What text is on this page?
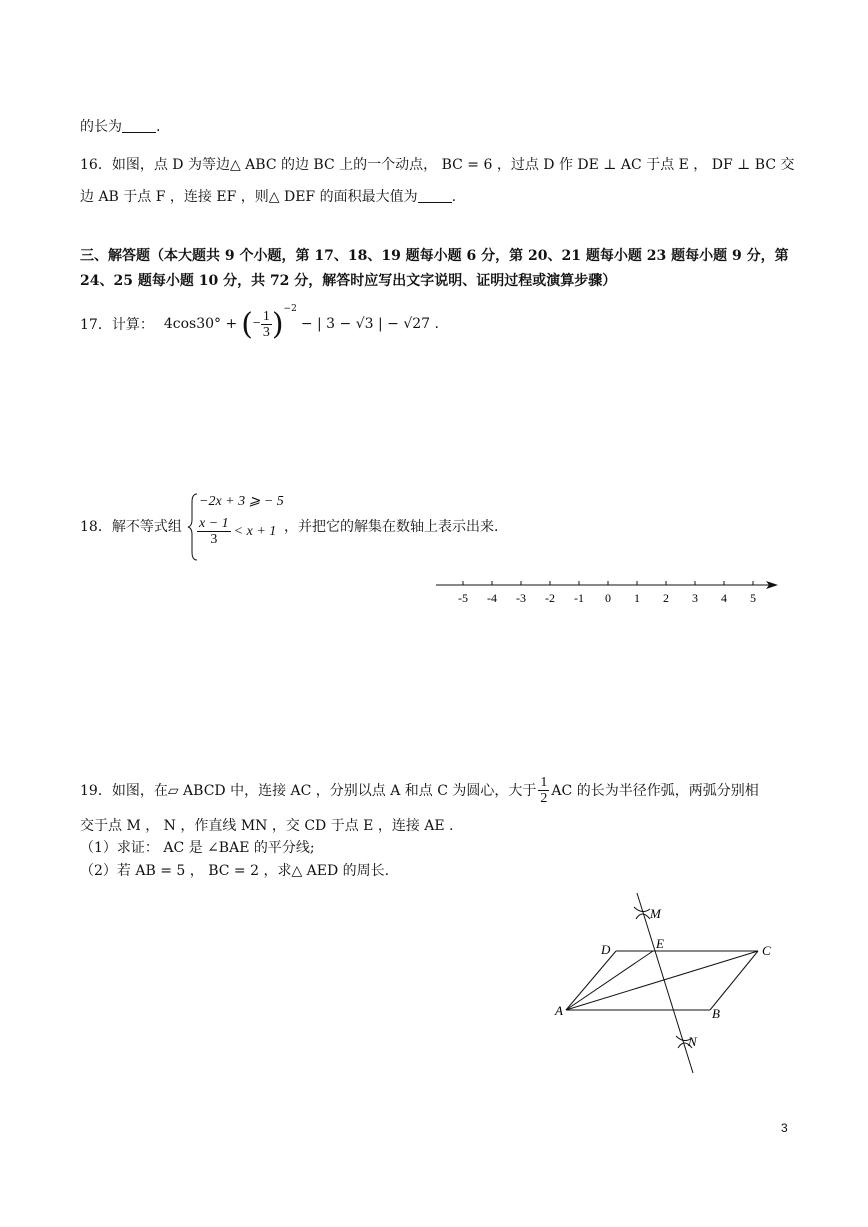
的长为 .
16．如图，点 D 为等边△ ABC 的边 BC 上的一个动点， BC = 6 ，过点 D 作 DE ⊥ AC 于点 E ， DF ⊥ BC 交
边 AB 于点 F ，连接 EF ，则△ DEF 的面积最大值为 .
三、解答题（本大题共 9 个小题，第 17、18、19 题每小题 6 分，第 20、21 题每小题 23 题每小题 9 分，第
24、25 题每小题 10 分，共 72 分，解答时应写出文字说明、证明过程或演算步骤）
17．计算： 4cos30° + ( − $\frac{1}{3} )^{-2}$
− | 3 − √3 | − √27 .
18．解不等式组
−2x + 3 ⩾ − 5
$\frac{x - 1}{3} < x + 1$ ，并把它的解集在数轴上表示出来.
-5 -4 -3 -2 -1 0 1 2 3 4 5
19．如图，在▱ ABCD 中，连接 AC ，分别以点 A 和点 C 为圆心，大于 $\frac{1}{2}$ AC 的长为半径作弧，两弧分别相
交于点 M ， N ，作直线 MN ，交 CD 于点 E ，连接 AE .
（1）求证： AC 是 ∠BAE 的平分线;
（2）若 AB = 5 ， BC = 2 ，求△ AED 的周长.
M
D	E	C
A	B
N
3
